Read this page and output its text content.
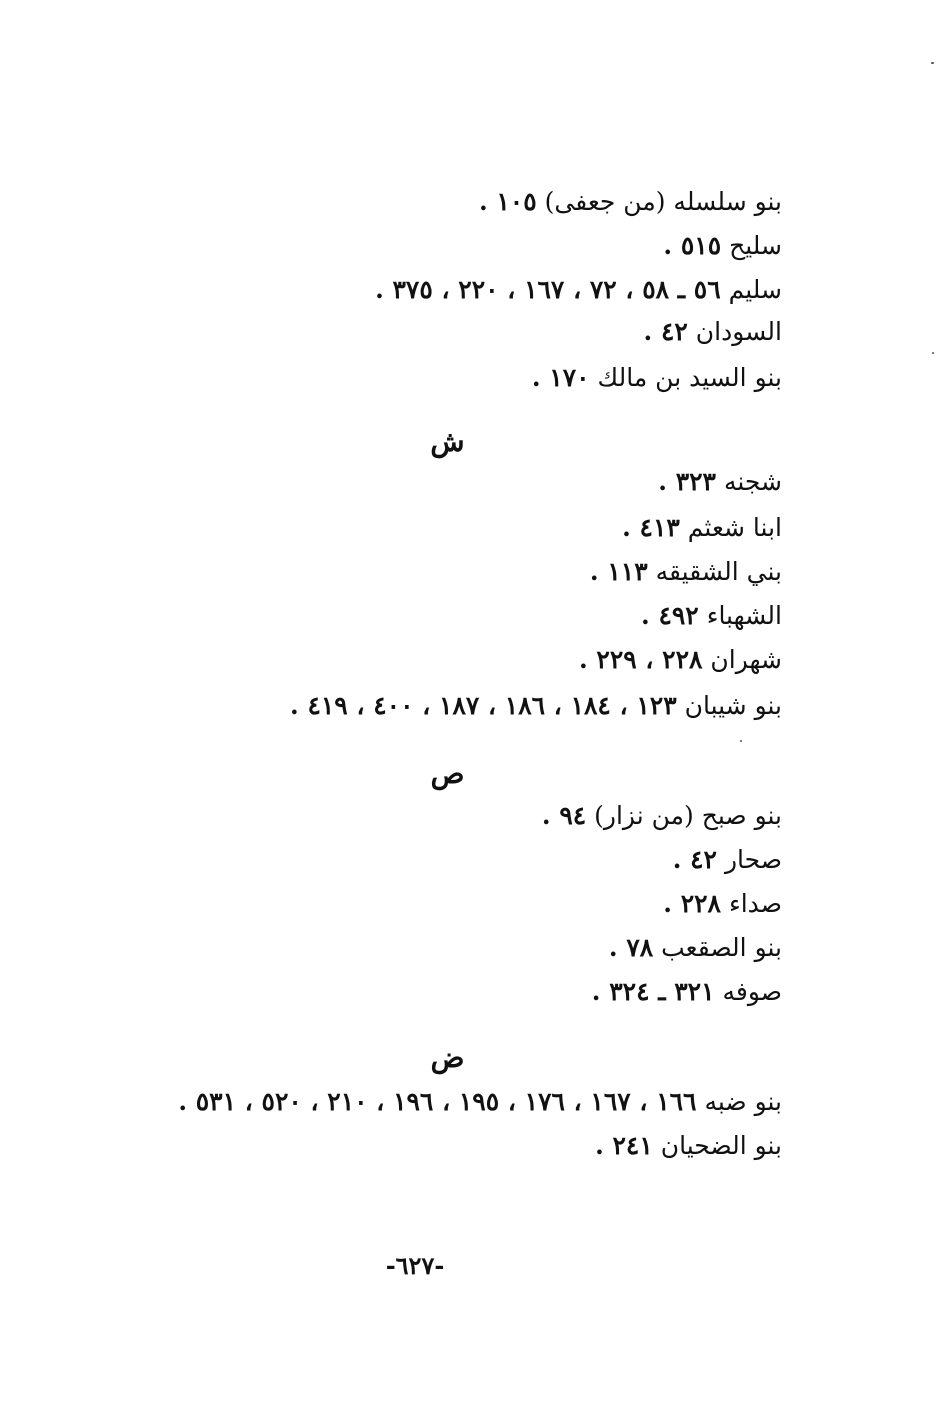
بنو سلسله (من جعفى) ١٠٥ .
سليح ٥١٥ .
سليم ٥٦ ـ ٥٨ ، ٧٢ ، ١٦٧ ، ٢٢٠ ، ٣٧٥ .
السودان ٤٢ .
بنو السيد بن مالك ١٧٠ .
ش
شجنه ٣٢٣ .
ابنا شعثم ٤١٣ .
بني الشقيقه ١١٣ .
الشهباء ٤٩٢ .
شهران ٢٢٨ ، ٢٢٩ .
بنو شيبان ١٢٣ ، ١٨٤ ، ١٨٦ ، ١٨٧ ، ٤٠٠ ، ٤١٩ .
ص
بنو صبح (من نزار) ٩٤ .
صحار ٤٢ .
صداء ٢٢٨ .
بنو الصقعب ٧٨ .
صوفه ٣٢١ ـ ٣٢٤ .
ض
بنو ضبه ١٦٦ ، ١٦٧ ، ١٧٦ ، ١٩٥ ، ١٩٦ ، ٢١٠ ، ٥٢٠ ، ٥٣١ .
بنو الضحيان ٢٤١ .
-٦٢٧-
